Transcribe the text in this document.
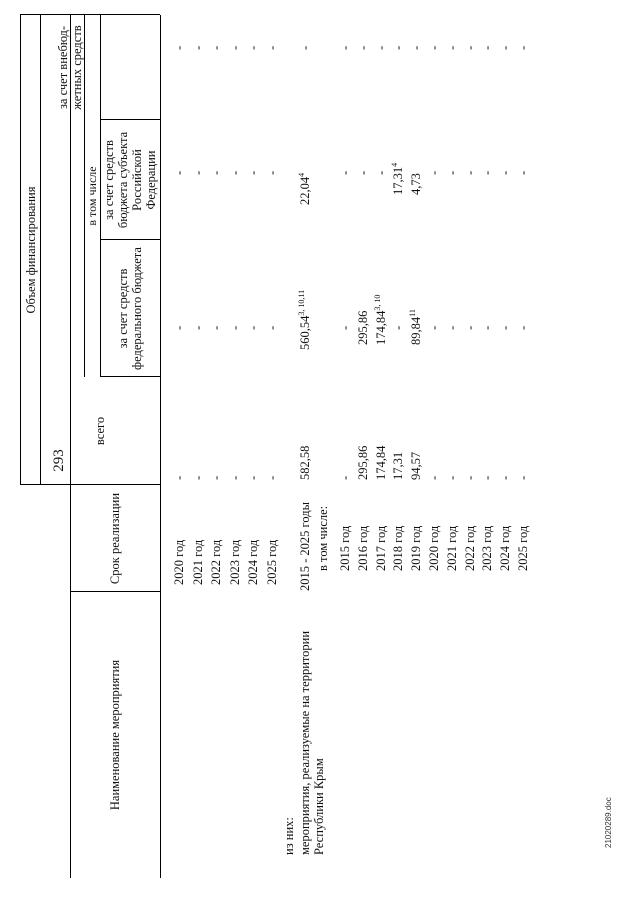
293
21020289.doc
Наименование мероприятия
Срок реализации
Объем финансирования	в том числе
всего
за счет средств федерального бюджета
за счет средств бюджета субъекта Российской Федерации
за счет внебюд-жетных средств
2020 год
-
-
-
-
2021 год
-
-
-
-
2022 год
-
-
-
-
2023 год
-
-
-
-
2024 год
-
-
-
-
2025 год
-
-
-
-
2015 - 2025 годы
582,58
560,54$^{3, 10,11}$
22,04$^4$
-
в том числе: 2015 год
-
-
-
-
2016 год
295,86
295,86
-
-
2017 год
174,84
174,84$^{3, 10}$
-
-
2018 год
17,31
-
17,31$^4$
-
2019 год
94,57
89,84$^{11}$
4,73
-
2020 год
-
-
-
-
2021 год
-
-
-
-
2022 год
-
-
-
-
2023 год
-
-
-
-
2024 год
-
-
-
-
2025 год
-
-
-
-
из них: мероприятия, реализуемые на территории Республики Крым
